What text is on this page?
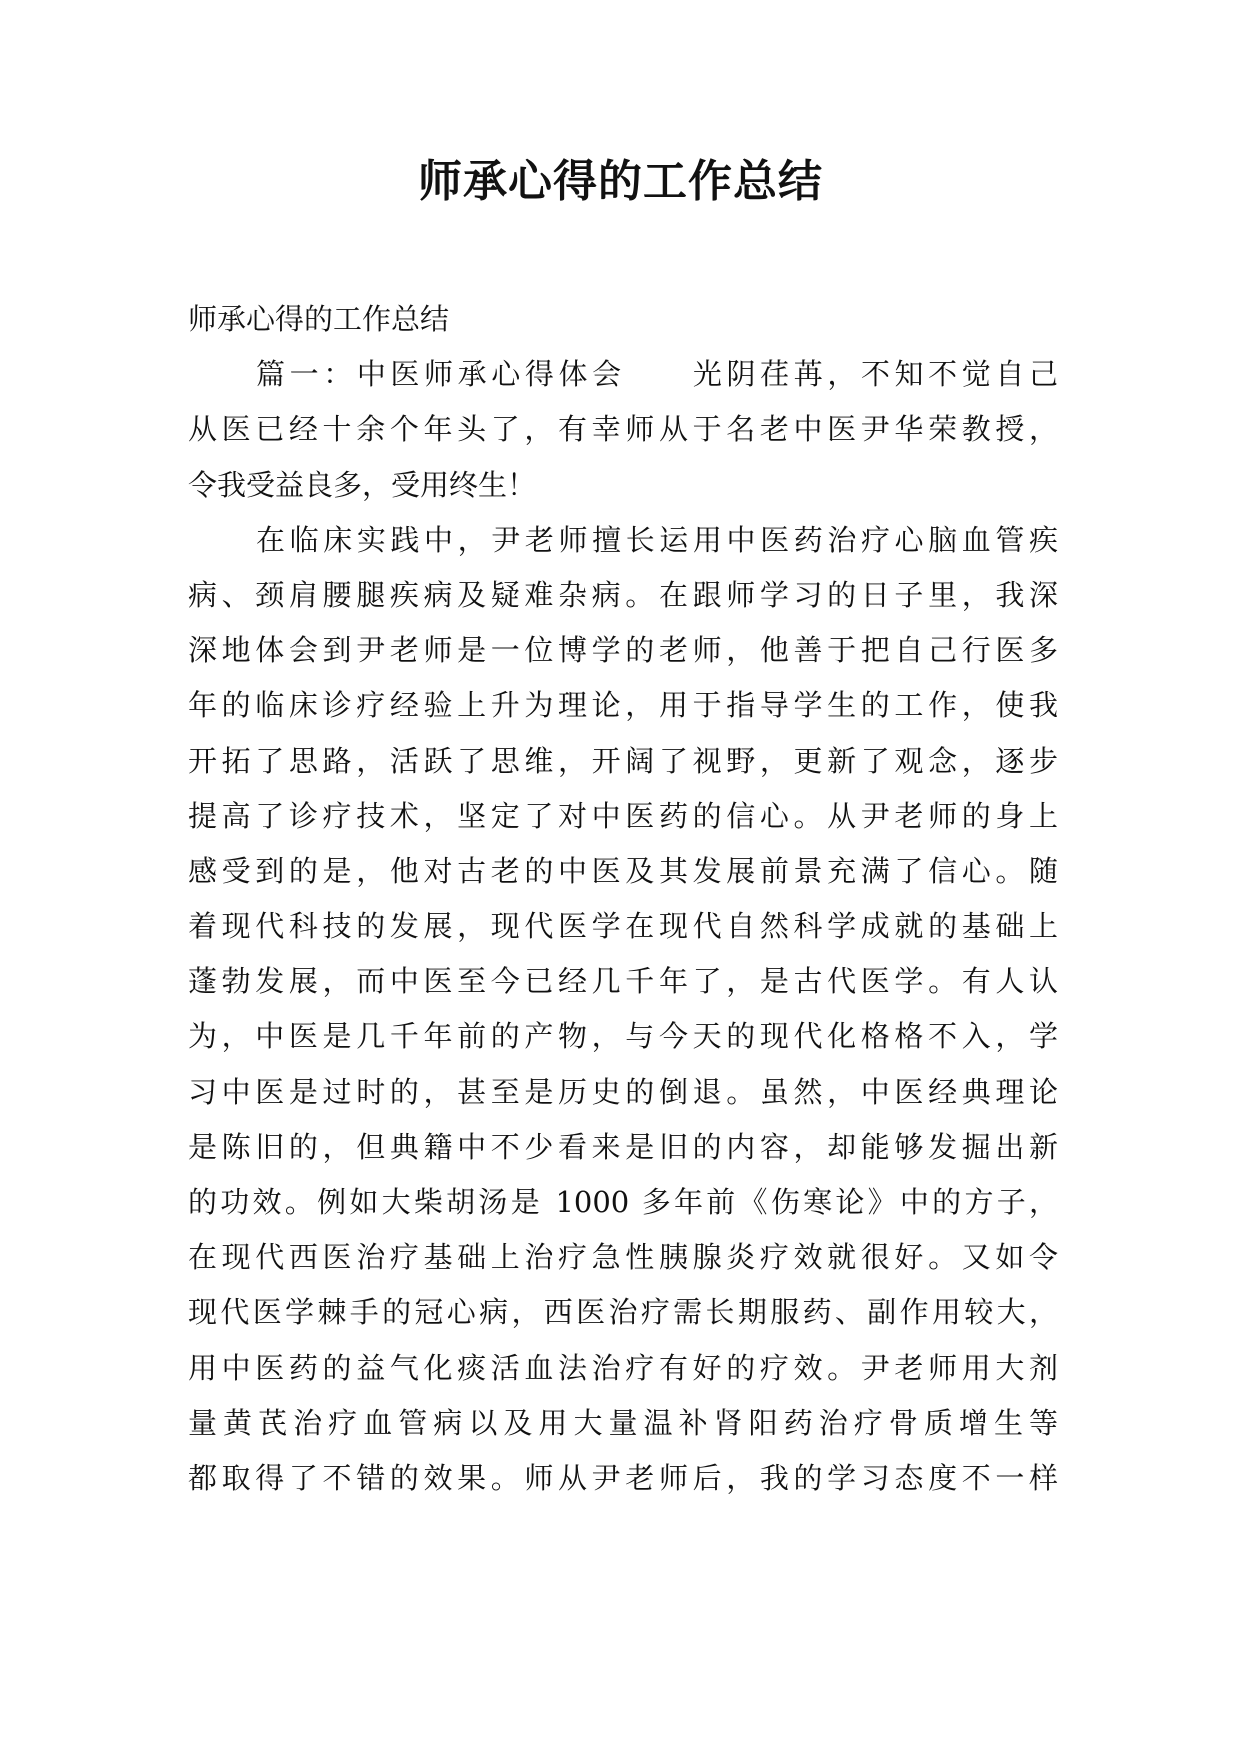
师承心得的工作总结
师承心得的工作总结
篇一：中医师承心得体会　　光阴荏苒，不知不觉自己
从医已经十余个年头了，有幸师从于名老中医尹华荣教授，
令我受益良多，受用终生！
在临床实践中，尹老师擅长运用中医药治疗心脑血管疾
病、颈肩腰腿疾病及疑难杂病。在跟师学习的日子里，我深
深地体会到尹老师是一位博学的老师，他善于把自己行医多
年的临床诊疗经验上升为理论，用于指导学生的工作，使我
开拓了思路，活跃了思维，开阔了视野，更新了观念，逐步
提高了诊疗技术，坚定了对中医药的信心。从尹老师的身上
感受到的是，他对古老的中医及其发展前景充满了信心。随
着现代科技的发展，现代医学在现代自然科学成就的基础上
蓬勃发展，而中医至今已经几千年了，是古代医学。有人认
为，中医是几千年前的产物，与今天的现代化格格不入，学
习中医是过时的，甚至是历史的倒退。虽然，中医经典理论
是陈旧的，但典籍中不少看来是旧的内容，却能够发掘出新
的功效。例如大柴胡汤是 1000 多年前《伤寒论》中的方子，
在现代西医治疗基础上治疗急性胰腺炎疗效就很好。又如令
现代医学棘手的冠心病，西医治疗需长期服药、副作用较大，
用中医药的益气化痰活血法治疗有好的疗效。尹老师用大剂
量黄芪治疗血管病以及用大量温补肾阳药治疗骨质增生等
都取得了不错的效果。师从尹老师后，我的学习态度不一样
